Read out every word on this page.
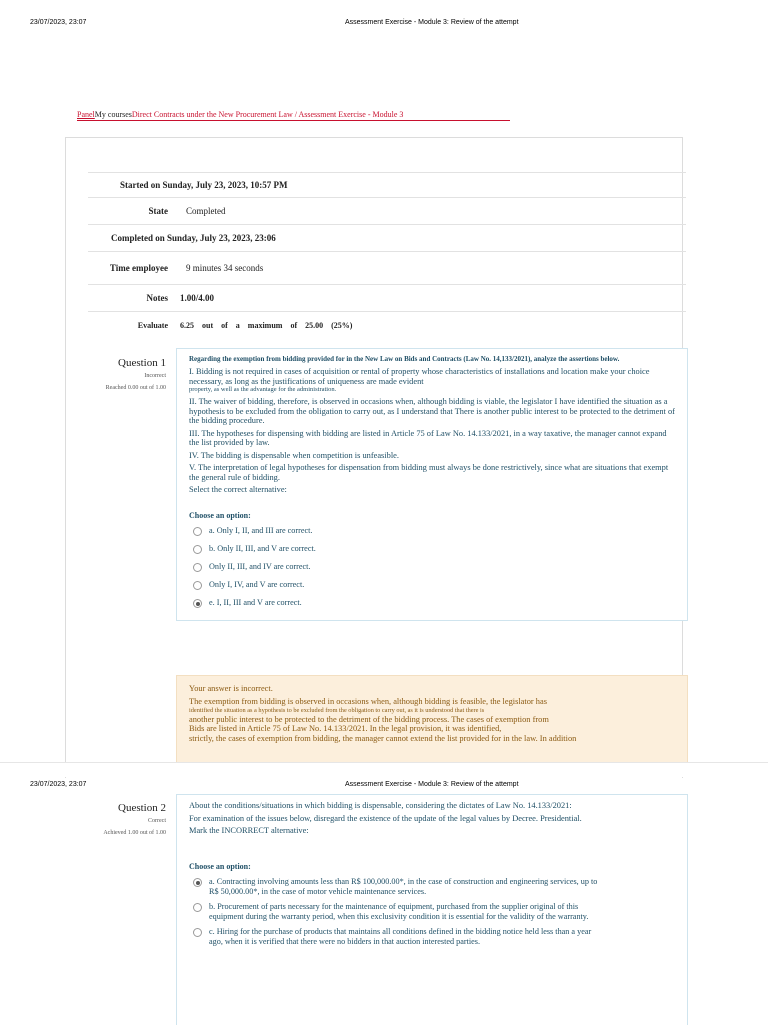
23/07/2023, 23:07	Assessment Exercise - Module 3: Review of the attempt
PanelMy coursesDirect Contracts under the New Procurement Law / Assessment Exercise - Module 3
Started on Sunday, July 23, 2023, 10:57 PM
State	Completed
Completed on Sunday, July 23, 2023, 23:06
Time employee	9 minutes 34 seconds
Notes	1.00/4.00
Evaluate	6.25    out    of    a    maximum    of    25.00    (25%)
Question 1
Incorrect
Reached 0.00 out of 1.00

Regarding the exemption from bidding provided for in the New Law on Bids and Contracts (Law No. 14,133/2021), analyze the assertions below.

I. Bidding is not required in cases of acquisition or rental of property whose characteristics of installations and location make your choice necessary, as long as the justifications of uniqueness are made evident

property, as well as the advantage for the administration.

II. The waiver of bidding, therefore, is observed in occasions when, although bidding is viable, the legislator I have identified the situation as a hypothesis to be excluded from the obligation to carry out, as I understand that There is another public interest to be protected to the detriment of the bidding procedure.

III. The hypotheses for dispensing with bidding are listed in Article 75 of Law No. 14.133/2021, in a way taxative, the manager cannot expand the list provided by law.

IV. The bidding is dispensable when competition is unfeasible.

V. The interpretation of legal hypotheses for dispensation from bidding must always be done restrictively, since what are situations that exempt the general rule of bidding.

Select the correct alternative:

Choose an option:

a. Only I, II, and III are correct.
b. Only II, III, and V are correct.
Only II, III, and IV are correct.
Only I, IV, and V are correct.
e. I, II, III and V are correct.

Your answer is incorrect.

The exemption from bidding is observed in occasions when, although bidding is feasible, the legislator has

identified the situation as a hypothesis to be excluded from the obligation to carry out, as it is understood that there is

another public interest to be protected to the detriment of the bidding process. The cases of exemption from

Bids are listed in Article 75 of Law No. 14.133/2021. In the legal provision, it was identified,

strictly, the cases of exemption from bidding, the manager cannot extend the list provided for in the law. In addition

23/07/2023, 23:07	Assessment Exercise - Module 3: Review of the attempt
Question 2
Correct
Achieved 1.00 out of 1.00

About the conditions/situations in which bidding is dispensable, considering the dictates of Law No. 14.133/2021:

For examination of the issues below, disregard the existence of the update of the legal values by Decree. Presidential.

Mark the INCORRECT alternative:

Choose an option:

a. Contracting involving amounts less than R$ 100,000.00*, in the case of construction and engineering services, up to R$ 50,000.00*, in the case of motor vehicle maintenance services.
b. Procurement of parts necessary for the maintenance of equipment, purchased from the supplier original of this equipment during the warranty period, when this exclusivity condition it is essential for the validity of the warranty.
c. Hiring for the purchase of products that maintains all conditions defined in the bidding notice held less than a year ago, when it is verified that there were no bidders in that auction interested parties.
